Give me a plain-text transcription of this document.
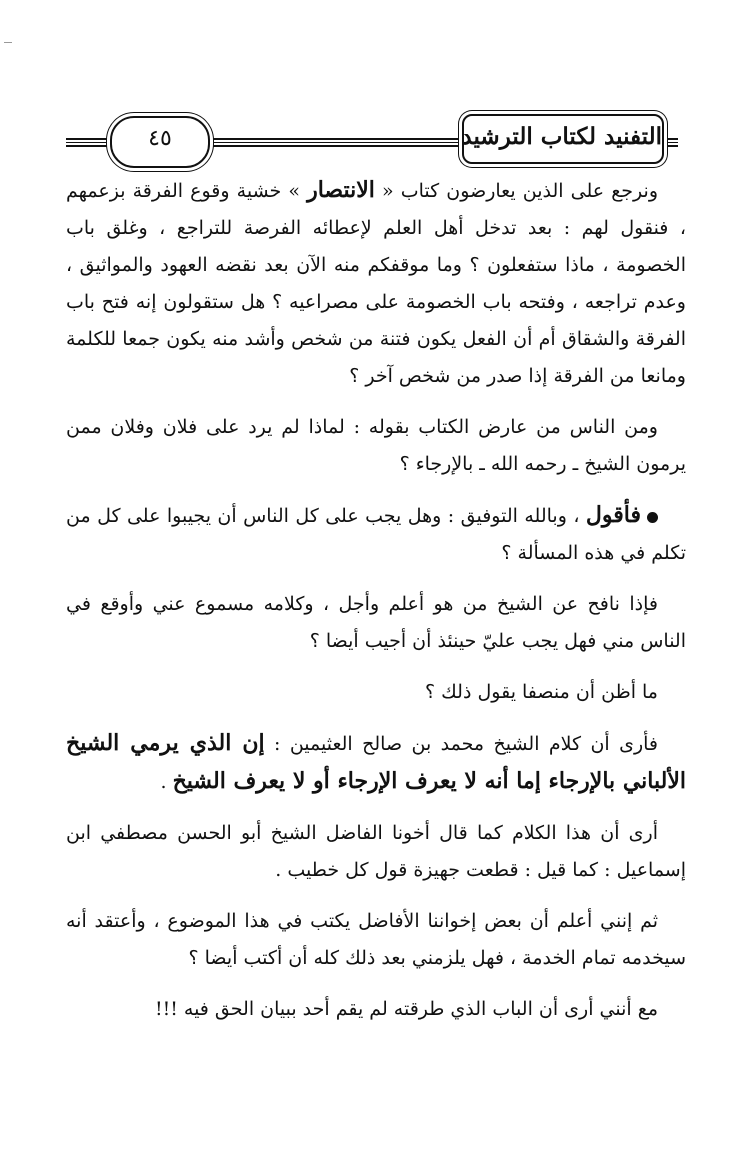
٤٥	التفنيد لكتاب الترشيد

ونرجع على الذين يعارضون كتاب « الانتصار » خشية وقوع الفرقة بزعمهم ، فنقول لهم : بعد تدخل أهل العلم لإعطائه الفرصة للتراجع ، وغلق باب الخصومة ، ماذا ستفعلون ؟ وما موقفكم منه الآن بعد نقضه العهود والمواثيق ، وعدم تراجعه ، وفتحه باب الخصومة على مصراعيه ؟ هل ستقولون إنه فتح باب الفرقة والشقاق أم أن الفعل يكون فتنة من شخص وأشد منه يكون جمعا للكلمة ومانعا من الفرقة إذا صدر من شخص آخر ؟

ومن الناس من عارض الكتاب بقوله : لماذا لم يرد على فلان وفلان ممن يرمون الشيخ ـ رحمه الله ـ بالإرجاء ؟

فأقول ، وبالله التوفيق : وهل يجب على كل الناس أن يجيبوا على كل من تكلم في هذه المسألة ؟

فإذا نافح عن الشيخ من هو أعلم وأجل ، وكلامه مسموع عني وأوقع في الناس مني فهل يجب عليّ حينئذ أن أجيب أيضا ؟

ما أظن أن منصفا يقول ذلك ؟

فأرى أن كلام الشيخ محمد بن صالح العثيمين : إن الذي يرمي الشيخ الألباني بالإرجاء إما أنه لا يعرف الإرجاء أو لا يعرف الشيخ .

أرى أن هذا الكلام كما قال أخونا الفاضل الشيخ أبو الحسن مصطفي ابن إسماعيل : كما قيل : قطعت جهيزة قول كل خطيب .

ثم إنني أعلم أن بعض إخواننا الأفاضل يكتب في هذا الموضوع ، وأعتقد أنه سيخدمه تمام الخدمة ، فهل يلزمني بعد ذلك كله أن أكتب أيضا ؟

مع أنني أرى أن الباب الذي طرقته لم يقم أحد ببيان الحق فيه !!!
